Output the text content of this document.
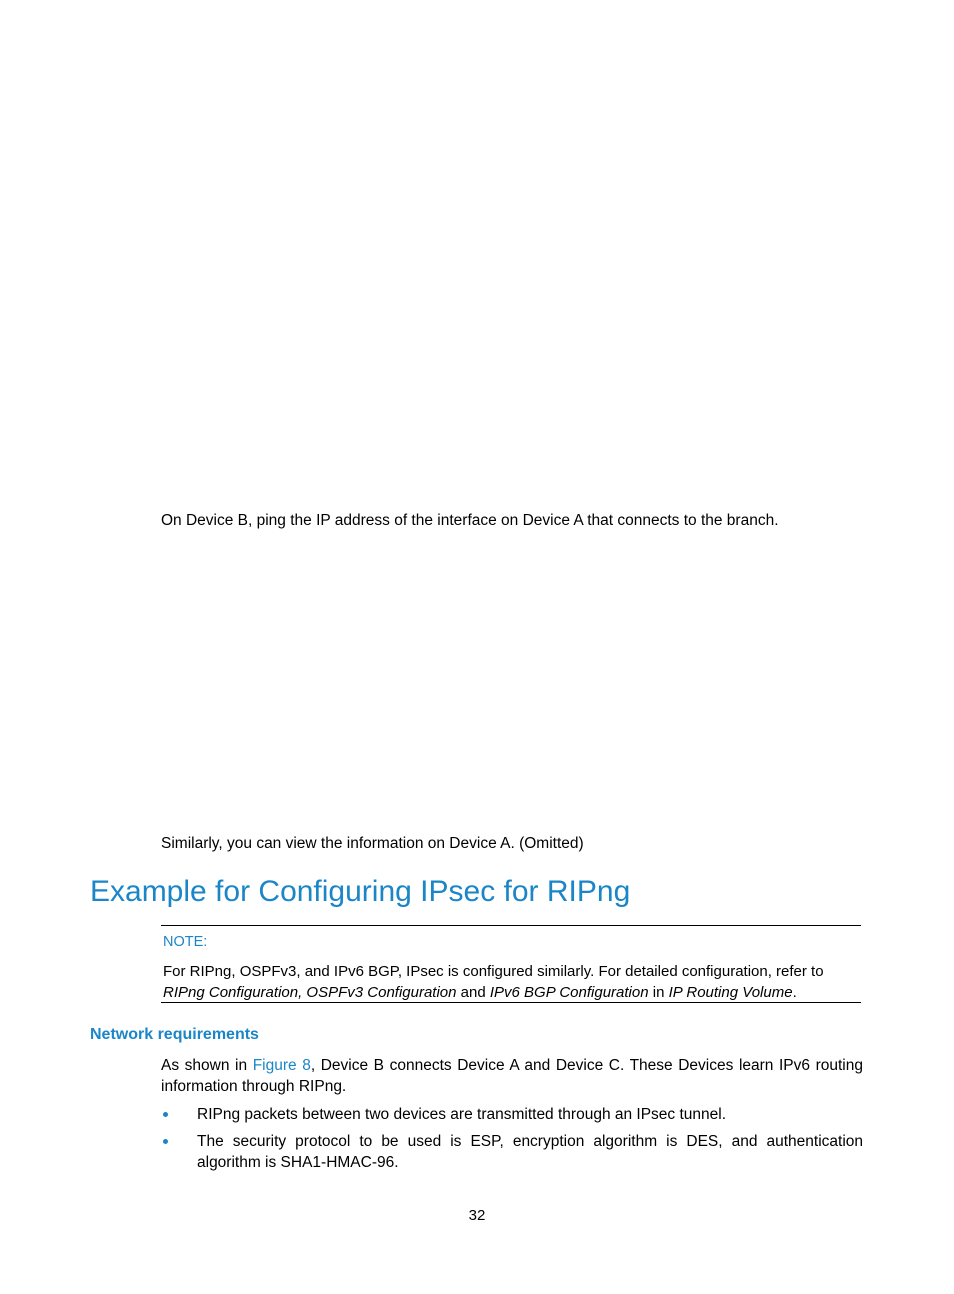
On Device B, ping the IP address of the interface on Device A that connects to the branch.

Similarly, you can view the information on Device A. (Omitted)

Example for Configuring IPsec for RIPng

NOTE:

For RIPng, OSPFv3, and IPv6 BGP, IPsec is configured similarly. For detailed configuration, refer to RIPng Configuration, OSPFv3 Configuration and IPv6 BGP Configuration in IP Routing Volume.

Network requirements

As shown in Figure 8, Device B connects Device A and Device C. These Devices learn IPv6 routing information through RIPng.

RIPng packets between two devices are transmitted through an IPsec tunnel.
The security protocol to be used is ESP, encryption algorithm is DES, and authentication algorithm is SHA1-HMAC-96.

32
